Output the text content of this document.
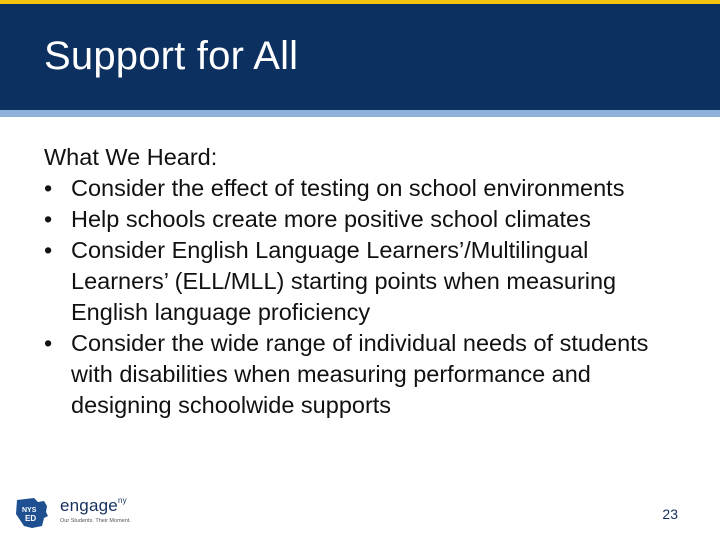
Support for All

What We Heard:

• Consider the effect of testing on school environments
• Help schools create more positive school climates
• Consider English Language Learners’/Multilingual Learners’ (ELL/MLL) starting points when measuring English language proficiency
• Consider the wide range of individual needs of students with disabilities when measuring performance and designing schoolwide supports
NYS
ED
engage$^{ny}$
Our Students. Their Moment.	23
